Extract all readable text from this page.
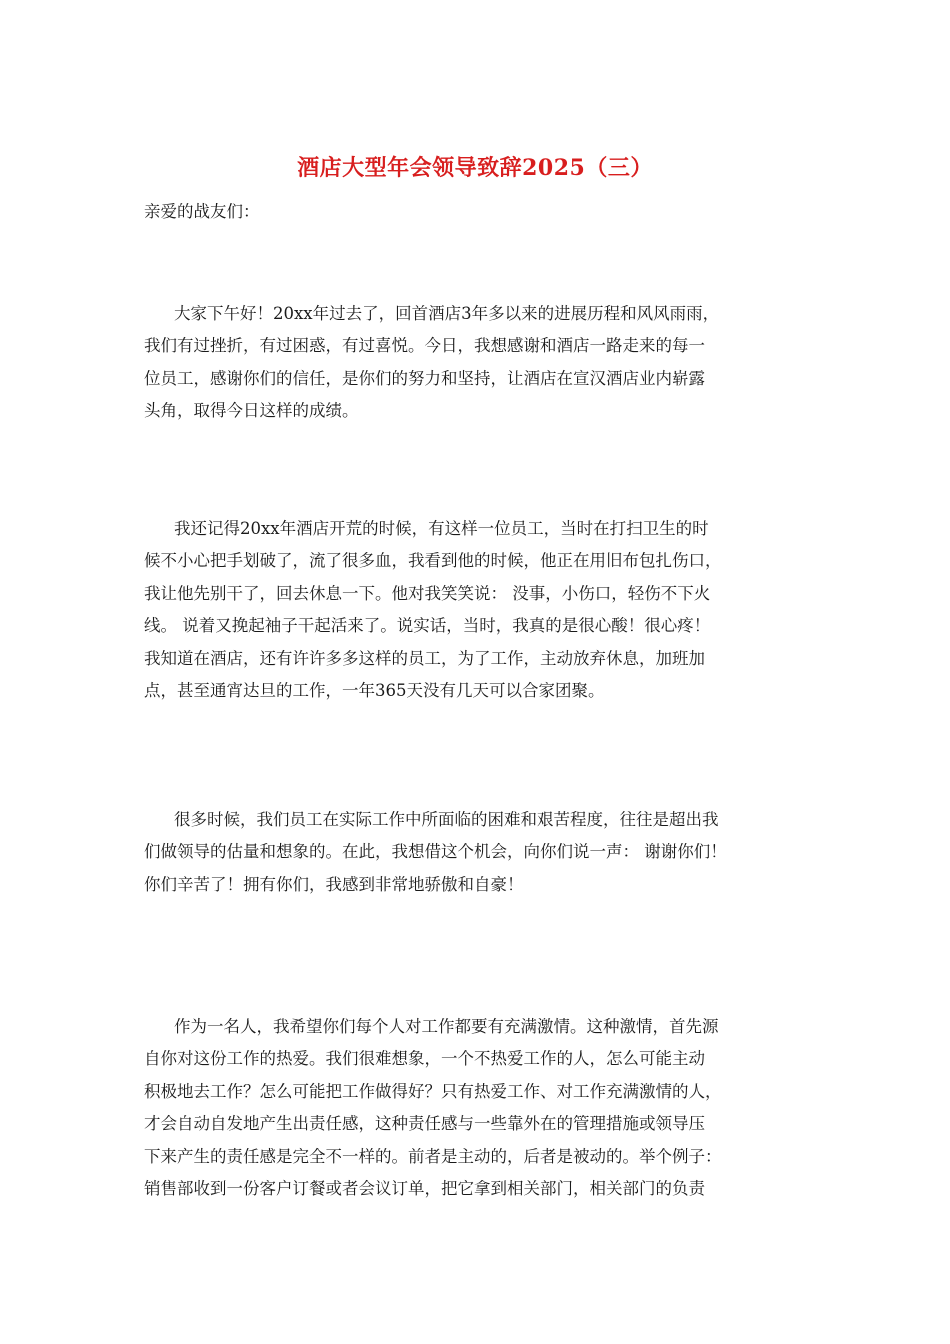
酒店大型年会领导致辞2025（三）
亲爱的战友们：
大家下午好！20xx年过去了，回首酒店3年多以来的进展历程和风风雨雨，
我们有过挫折，有过困惑，有过喜悦。今日，我想感谢和酒店一路走来的每一
位员工，感谢你们的信任，是你们的努力和坚持，让酒店在宣汉酒店业内崭露
头角，取得今日这样的成绩。
我还记得20xx年酒店开荒的时候，有这样一位员工，当时在打扫卫生的时
候不小心把手划破了，流了很多血，我看到他的时候，他正在用旧布包扎伤口，
我让他先别干了，回去休息一下。他对我笑笑说： 没事，小伤口，轻伤不下火
线。 说着又挽起袖子干起活来了。说实话，当时，我真的是很心酸！很心疼！
我知道在酒店，还有许许多多这样的员工，为了工作，主动放弃休息，加班加
点，甚至通宵达旦的工作，一年365天没有几天可以合家团聚。
很多时候，我们员工在实际工作中所面临的困难和艰苦程度，往往是超出我
们做领导的估量和想象的。在此，我想借这个机会，向你们说一声： 谢谢你们！
你们辛苦了！拥有你们，我感到非常地骄傲和自豪！
作为一名人，我希望你们每个人对工作都要有充满激情。这种激情，首先源
自你对这份工作的热爱。我们很难想象，一个不热爱工作的人，怎么可能主动
积极地去工作？怎么可能把工作做得好？只有热爱工作、对工作充满激情的人，
才会自动自发地产生出责任感，这种责任感与一些靠外在的管理措施或领导压
下来产生的责任感是完全不一样的。前者是主动的，后者是被动的。举个例子：
销售部收到一份客户订餐或者会议订单，把它拿到相关部门，相关部门的负责
